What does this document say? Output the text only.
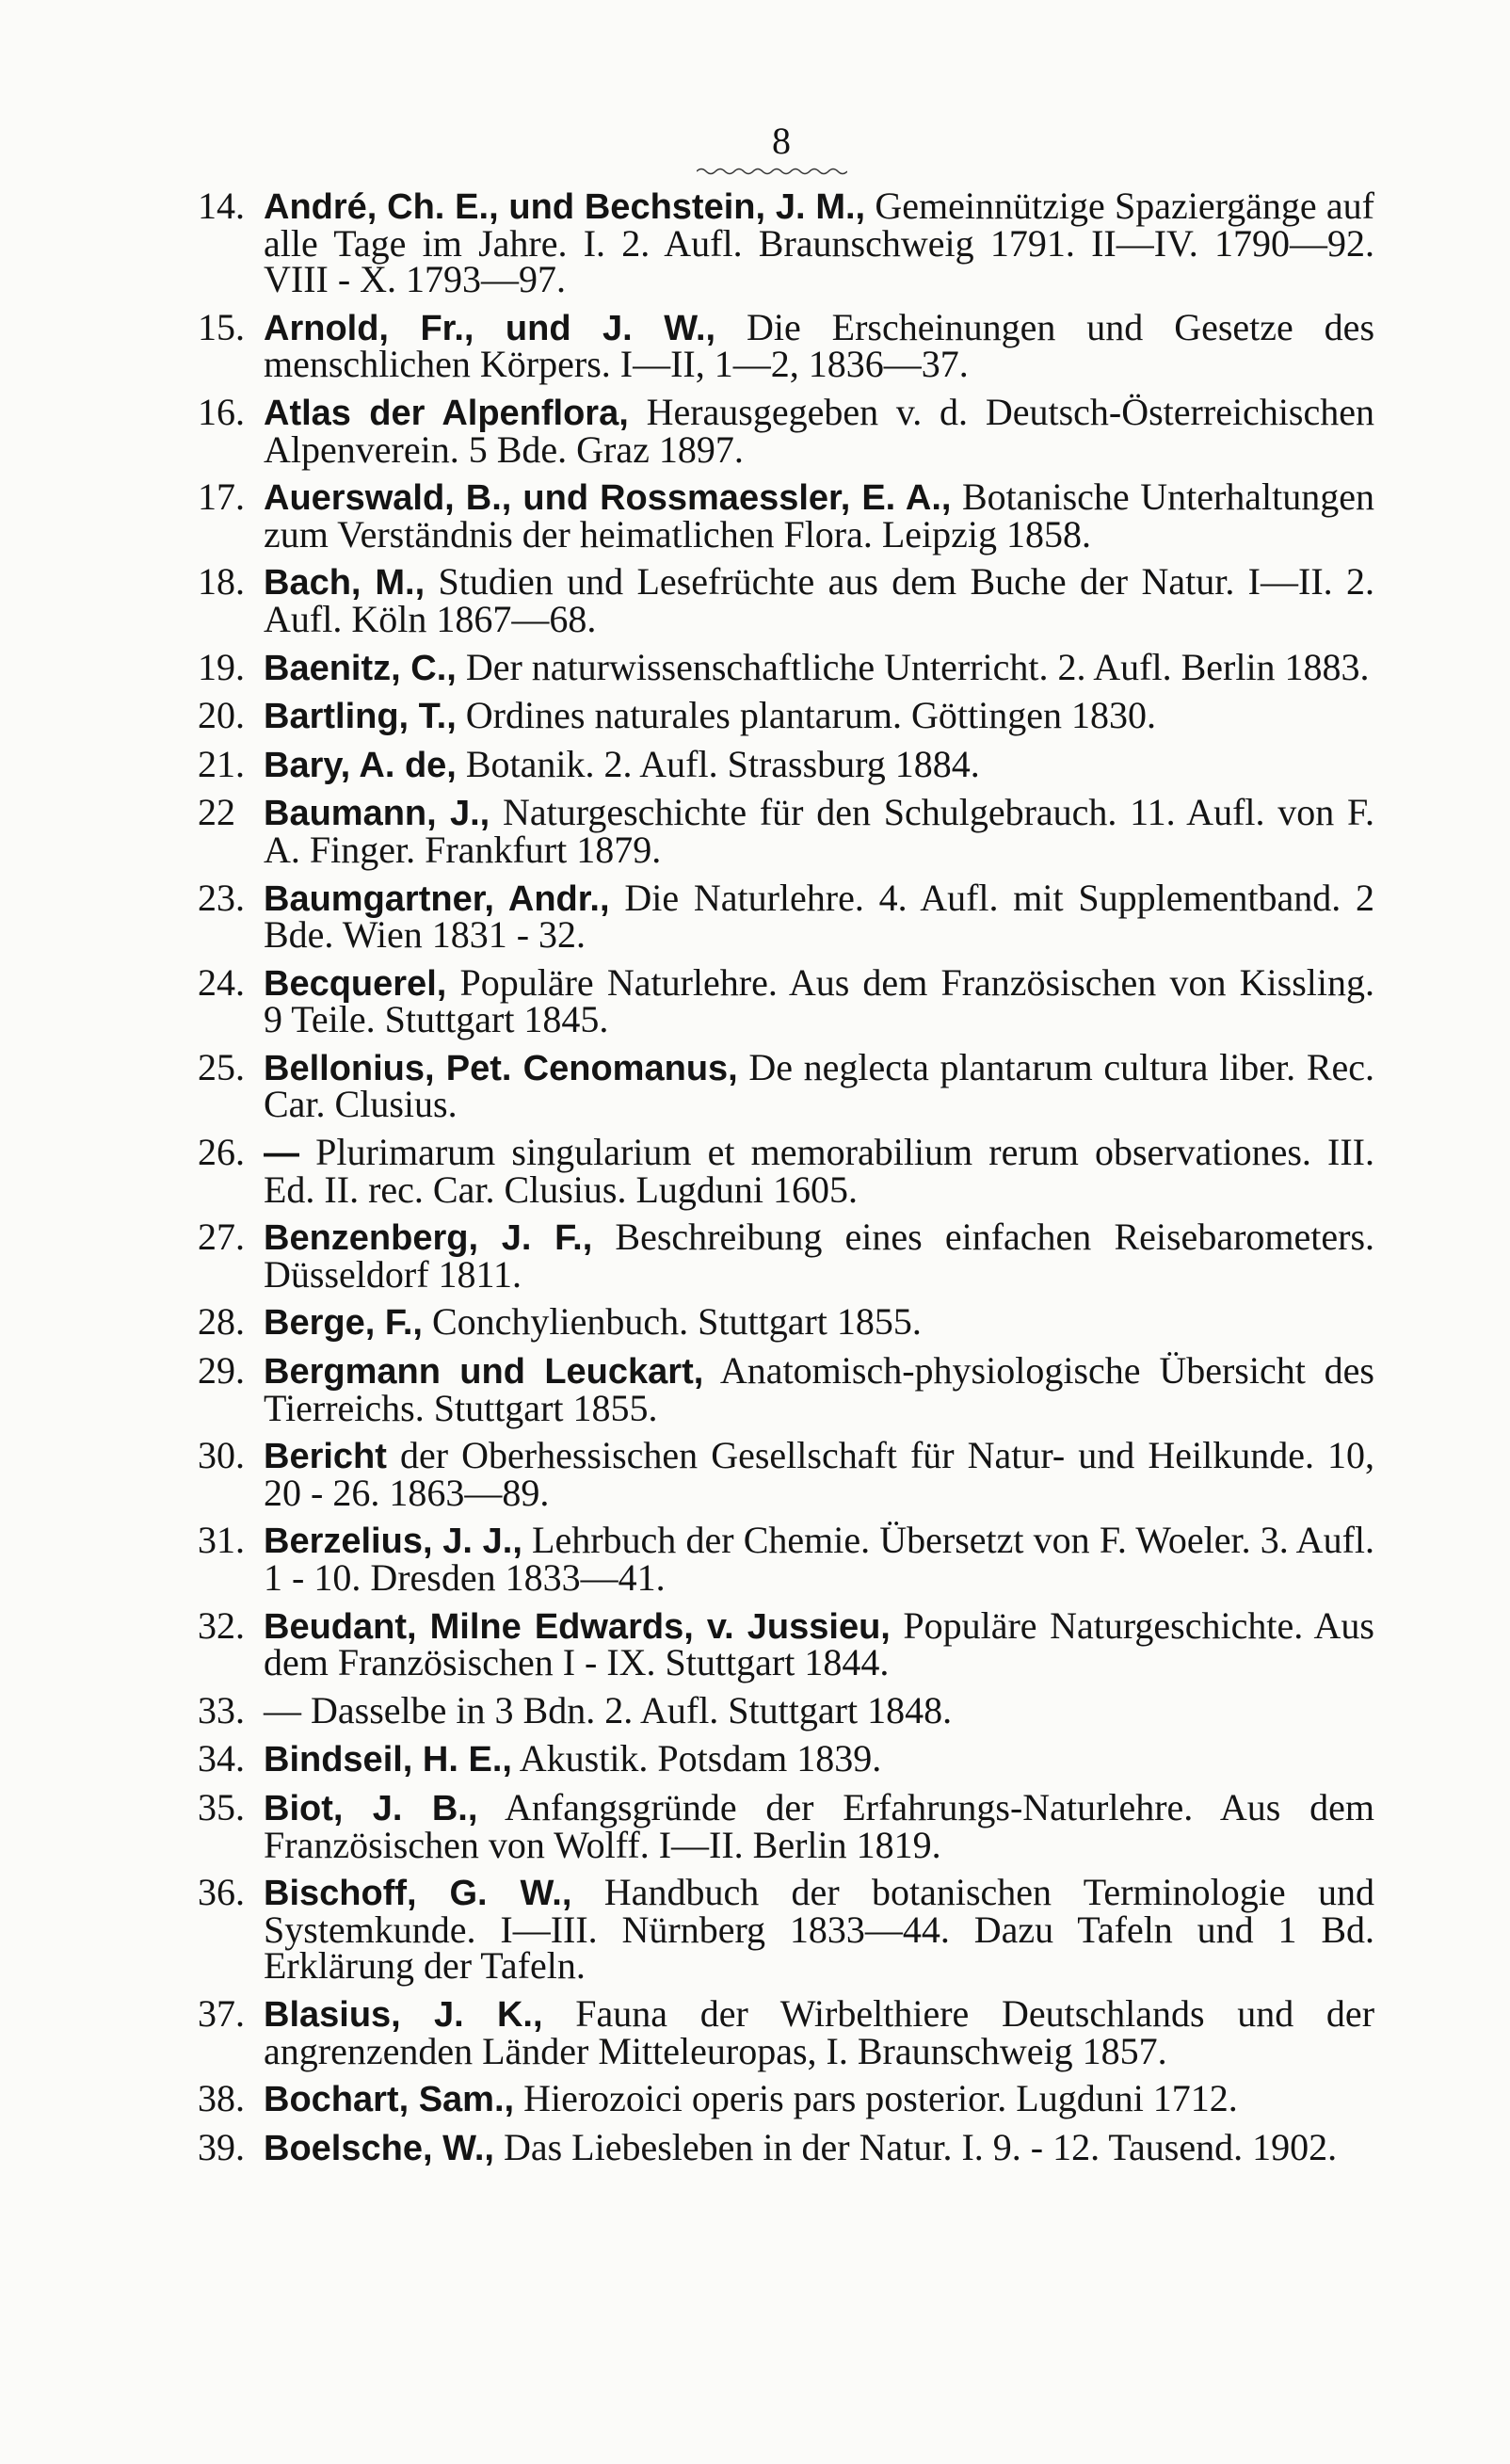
8
14. André, Ch. E., und Bechstein, J. M., Gemeinnützige Spaziergänge auf alle Tage im Jahre. I. 2. Aufl. Braunschweig 1791. II—IV. 1790—92. VIII - X. 1793—97.
15. Arnold, Fr., und J. W., Die Erscheinungen und Gesetze des menschlichen Körpers. I—II, 1—2, 1836—37.
16. Atlas der Alpenflora, Herausgegeben v. d. Deutsch-Österreichischen Alpenverein. 5 Bde. Graz 1897.
17. Auerswald, B., und Rossmaessler, E. A., Botanische Unterhaltungen zum Verständnis der heimatlichen Flora. Leipzig 1858.
18. Bach, M., Studien und Lesefrüchte aus dem Buche der Natur. I—II. 2. Aufl. Köln 1867—68.
19. Baenitz, C., Der naturwissenschaftliche Unterricht. 2. Aufl. Berlin 1883.
20. Bartling, T., Ordines naturales plantarum. Göttingen 1830.
21. Bary, A. de, Botanik. 2. Aufl. Strassburg 1884.
22 Baumann, J., Naturgeschichte für den Schulgebrauch. 11. Aufl. von F. A. Finger. Frankfurt 1879.
23. Baumgartner, Andr., Die Naturlehre. 4. Aufl. mit Supplementband. 2 Bde. Wien 1831 - 32.
24. Becquerel, Populäre Naturlehre. Aus dem Französischen von Kissling. 9 Teile. Stuttgart 1845.
25. Bellonius, Pet. Cenomanus, De neglecta plantarum cultura liber. Rec. Car. Clusius.
26. — Plurimarum singularium et memorabilium rerum observationes. III. Ed. II. rec. Car. Clusius. Lugduni 1605.
27. Benzenberg, J. F., Beschreibung eines einfachen Reisebarometers. Düsseldorf 1811.
28. Berge, F., Conchylienbuch. Stuttgart 1855.
29. Bergmann und Leuckart, Anatomisch-physiologische Übersicht des Tierreichs. Stuttgart 1855.
30. Bericht der Oberhessischen Gesellschaft für Natur- und Heilkunde. 10, 20 - 26. 1863—89.
31. Berzelius, J. J., Lehrbuch der Chemie. Übersetzt von F. Woeler. 3. Aufl. 1 - 10. Dresden 1833—41.
32. Beudant, Milne Edwards, v. Jussieu, Populäre Naturgeschichte. Aus dem Französischen I - IX. Stuttgart 1844.
33. — Dasselbe in 3 Bdn. 2. Aufl. Stuttgart 1848.
34. Bindseil, H. E., Akustik. Potsdam 1839.
35. Biot, J. B., Anfangsgründe der Erfahrungs-Naturlehre. Aus dem Französischen von Wolff. I—II. Berlin 1819.
36. Bischoff, G. W., Handbuch der botanischen Terminologie und Systemkunde. I—III. Nürnberg 1833—44. Dazu Tafeln und 1 Bd. Erklärung der Tafeln.
37. Blasius, J. K., Fauna der Wirbelthiere Deutschlands und der angrenzenden Länder Mitteleuropas, I. Braunschweig 1857.
38. Bochart, Sam., Hierozoici operis pars posterior. Lugduni 1712.
39. Boelsche, W., Das Liebesleben in der Natur. I. 9. - 12. Tausend. 1902.
